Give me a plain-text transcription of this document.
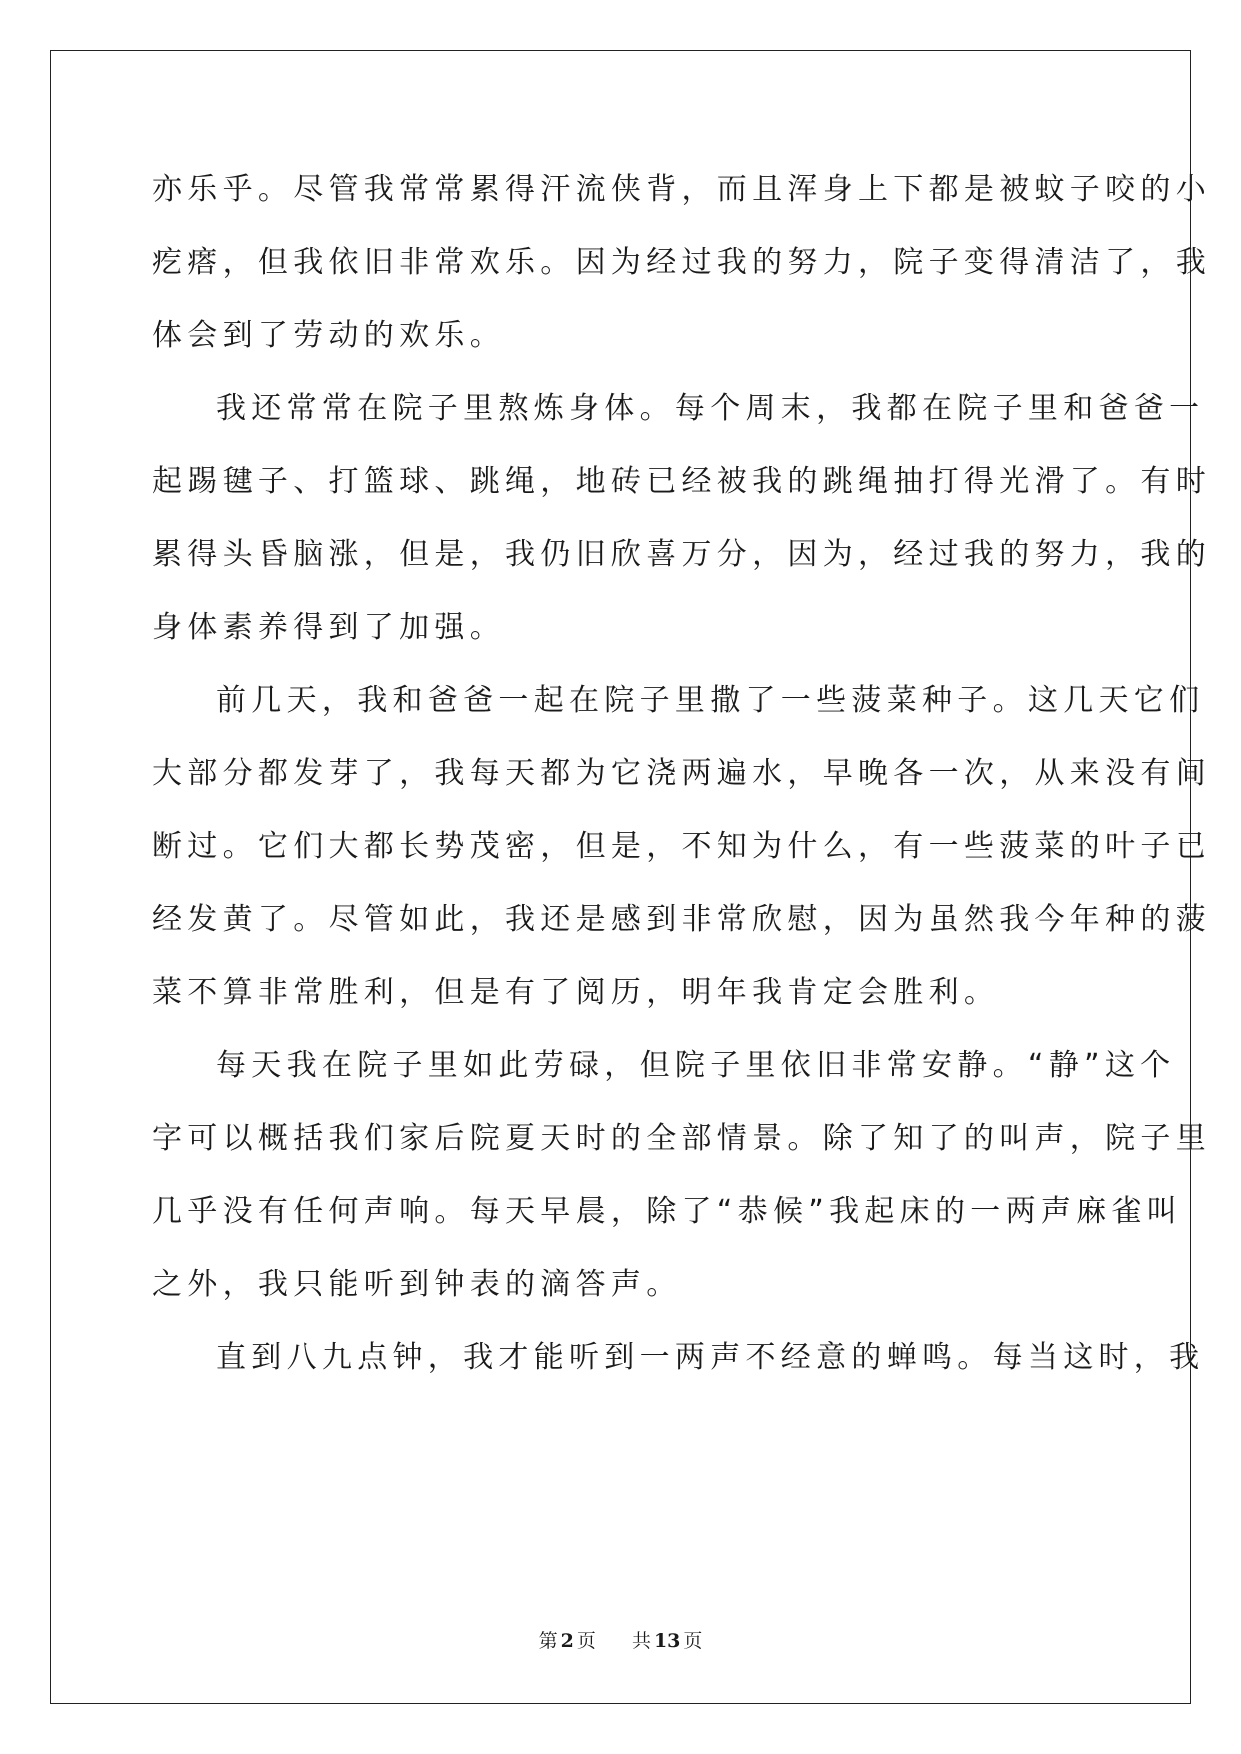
亦乐乎。尽管我常常累得汗流侠背，而且浑身上下都是被蚊子咬的小

疙瘩，但我依旧非常欢乐。因为经过我的努力，院子变得清洁了，我

体会到了劳动的欢乐。

我还常常在院子里熬炼身体。每个周末，我都在院子里和爸爸一

起踢毽子、打篮球、跳绳，地砖已经被我的跳绳抽打得光滑了。有时

累得头昏脑涨，但是，我仍旧欣喜万分，因为，经过我的努力，我的

身体素养得到了加强。

前几天，我和爸爸一起在院子里撒了一些菠菜种子。这几天它们

大部分都发芽了，我每天都为它浇两遍水，早晚各一次，从来没有间

断过。它们大都长势茂密，但是，不知为什么，有一些菠菜的叶子已

经发黄了。尽管如此，我还是感到非常欣慰，因为虽然我今年种的菠

菜不算非常胜利，但是有了阅历，明年我肯定会胜利。

每天我在院子里如此劳碌，但院子里依旧非常安静。“静”这个

字可以概括我们家后院夏天时的全部情景。除了知了的叫声，院子里

几乎没有任何声响。每天早晨，除了“恭候”我起床的一两声麻雀叫

之外，我只能听到钟表的滴答声。

直到八九点钟，我才能听到一两声不经意的蝉鸣。每当这时，我

第 2 页 共 13 页
